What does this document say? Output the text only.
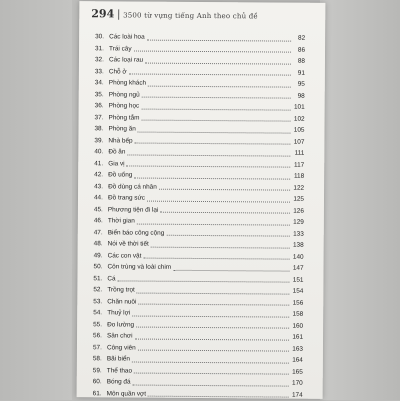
294 | 3500 từ vựng tiếng Anh theo chủ đề
30. Các loài hoa	82
31. Trái cây	86
32. Các loại rau	88
33. Chỗ ở	91
34. Phòng khách	95
35. Phòng ngủ	98
36. Phòng học	101
37. Phòng tắm	102
38. Phòng ăn	105
39. Nhà bếp	107
40. Đồ ăn	111
41. Gia vị	117
42. Đồ uống	118
43. Đồ dùng cá nhân	122
44. Đồ trang sức	125
45. Phương tiện đi lại	126
46. Thời gian	129
47. Biển báo công cộng	133
48. Nói về thời tiết	138
49. Các con vật	140
50. Côn trùng và loài chim	147
51. Cá	151
52. Trồng trọt	154
53. Chăn nuôi	156
54. Thuỷ lợi	158
55. Đo lường	160
56. Sân chơi	161
57. Công viên	163
58. Bãi biển	164
59. Thể thao	165
60. Bóng đá	170
61. Môn quần vợt	174
